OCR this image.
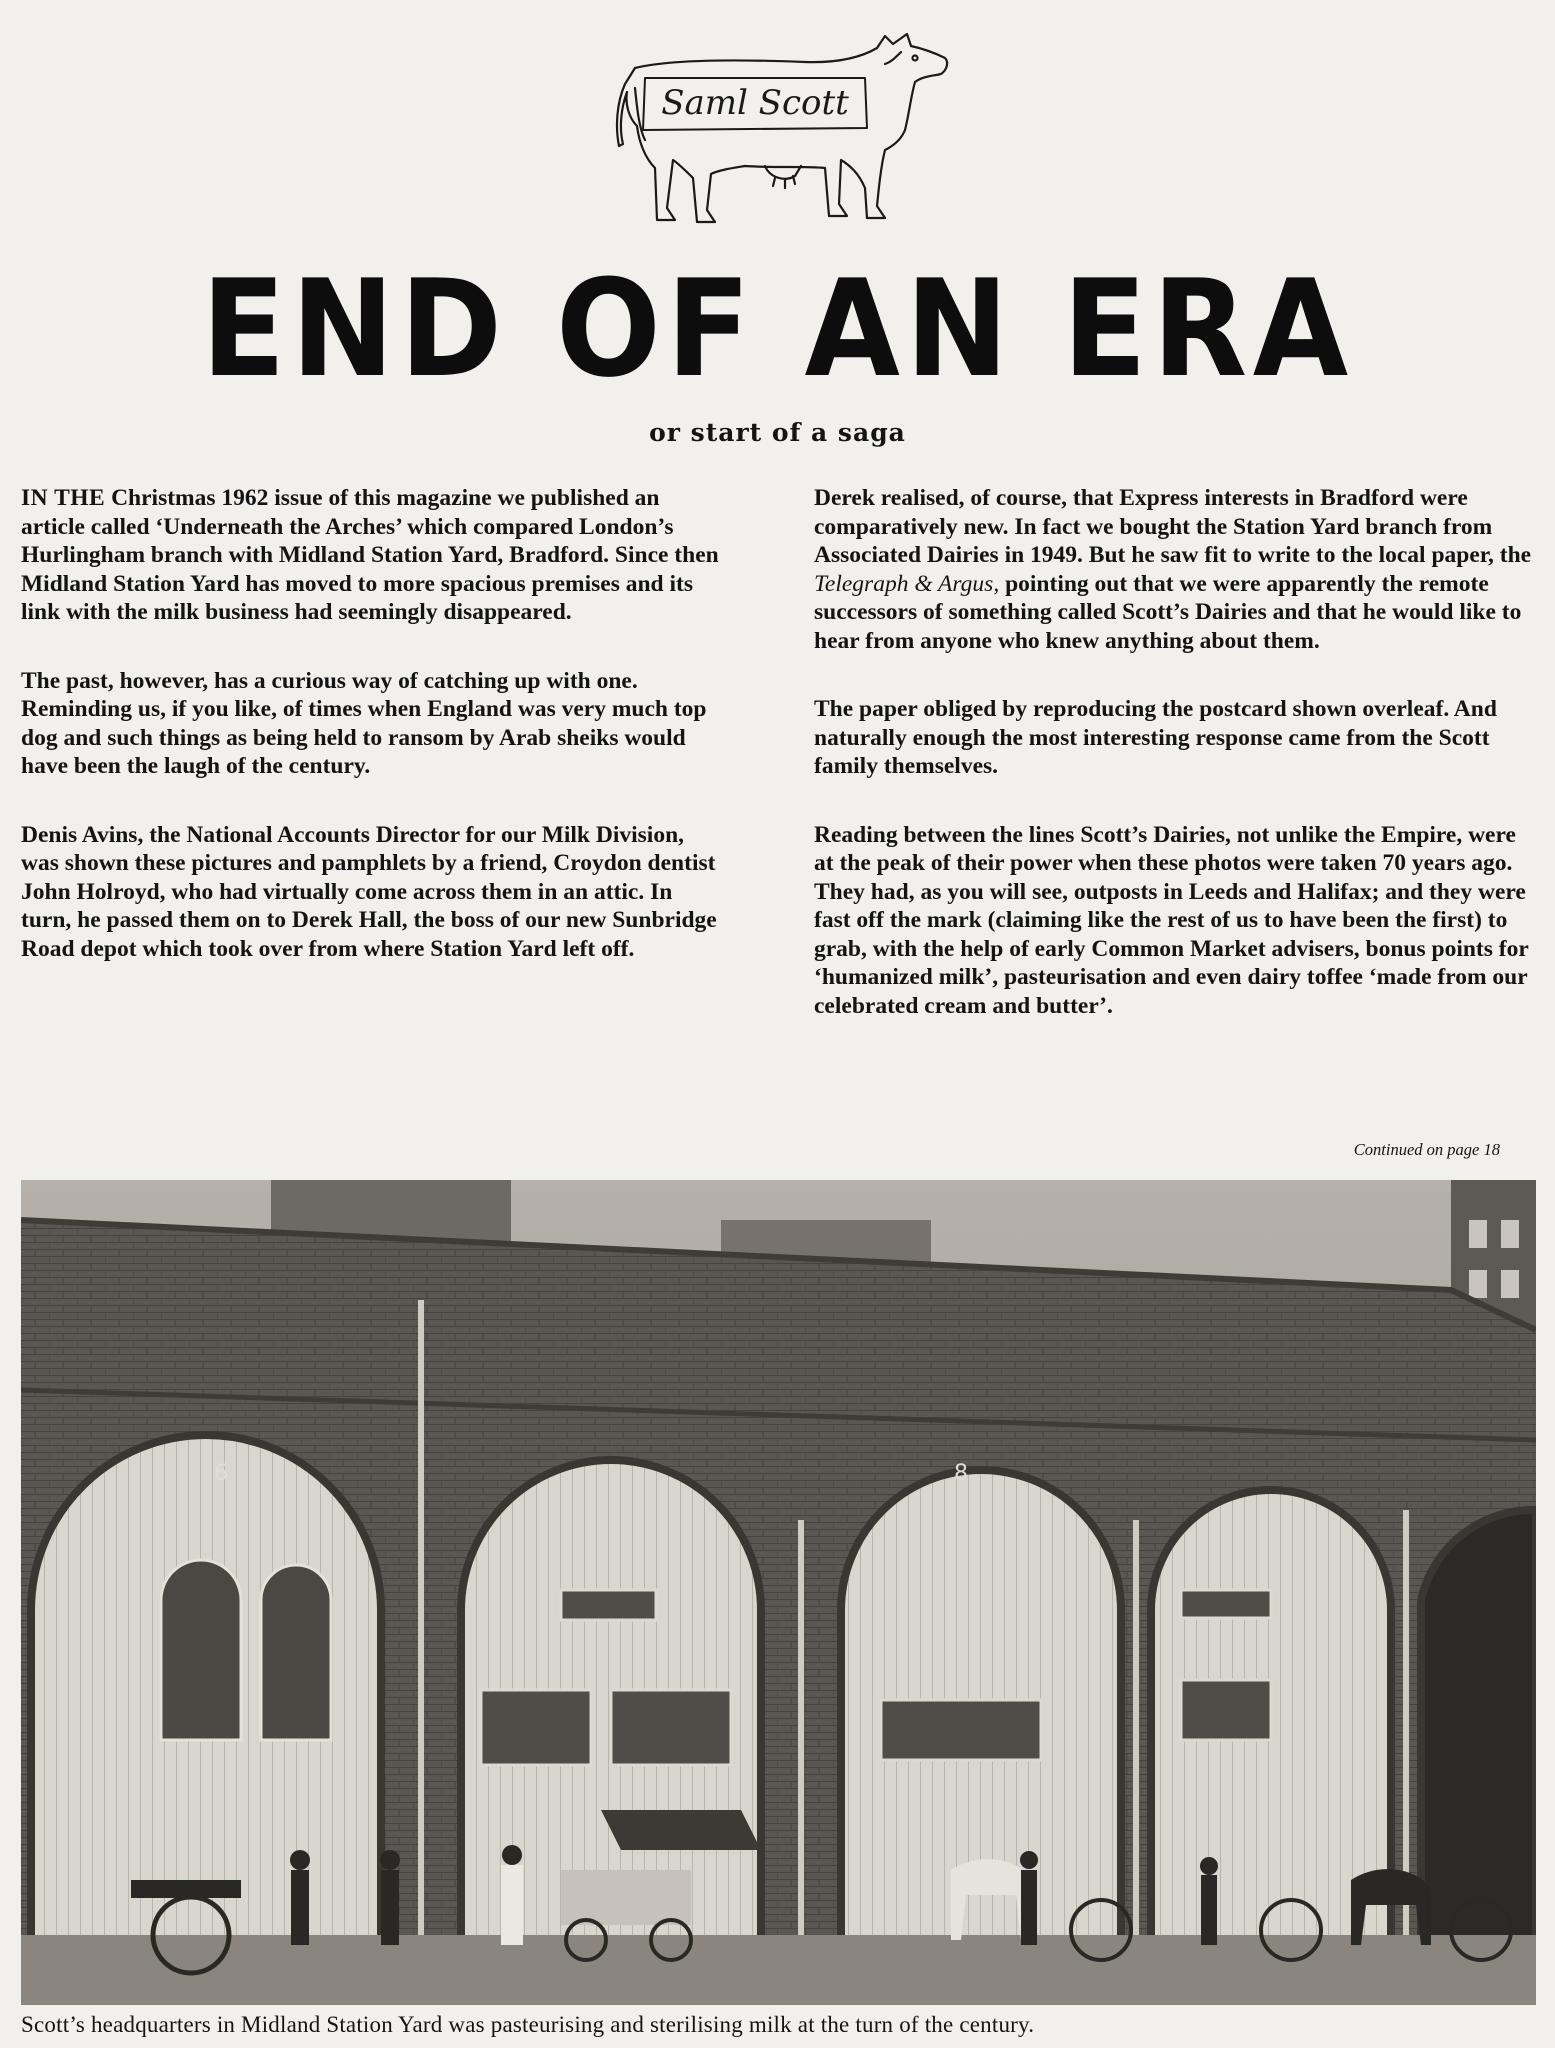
Saml Scott
END OF AN ERA
or start of a saga

IN THE Christmas 1962 issue of this magazine we published an article called ‘Underneath the Arches’ which compared London’s Hurlingham branch with Midland Station Yard, Bradford. Since then Midland Station Yard has moved to more spacious premises and its link with the milk business had seemingly disappeared.

The past, however, has a curious way of catching up with one. Reminding us, if you like, of times when England was very much top dog and such things as being held to ransom by Arab sheiks would have been the laugh of the century.

Denis Avins, the National Accounts Director for our Milk Division, was shown these pictures and pamphlets by a friend, Croydon dentist John Holroyd, who had virtually come across them in an attic. In turn, he passed them on to Derek Hall, the boss of our new Sunbridge Road depot which took over from where Station Yard left off.

Derek realised, of course, that Express interests in Bradford were comparatively new. In fact we bought the Station Yard branch from Associated Dairies in 1949. But he saw fit to write to the local paper, the Telegraph & Argus, pointing out that we were apparently the remote successors of something called Scott’s Dairies and that he would like to hear from anyone who knew anything about them.

The paper obliged by reproducing the postcard shown overleaf. And naturally enough the most interesting response came from the Scott family themselves.

Reading between the lines Scott’s Dairies, not unlike the Empire, were at the peak of their power when these photos were taken 70 years ago. They had, as you will see, outposts in Leeds and Halifax; and they were fast off the mark (claiming like the rest of us to have been the first) to grab, with the help of early Common Market advisers, bonus points for ‘humanized milk’, pasteurisation and even dairy toffee ‘made from our celebrated cream and butter’.

Continued on page 18
6	8
Scott’s headquarters in Midland Station Yard was pasteurising and sterilising milk at the turn of the century.
